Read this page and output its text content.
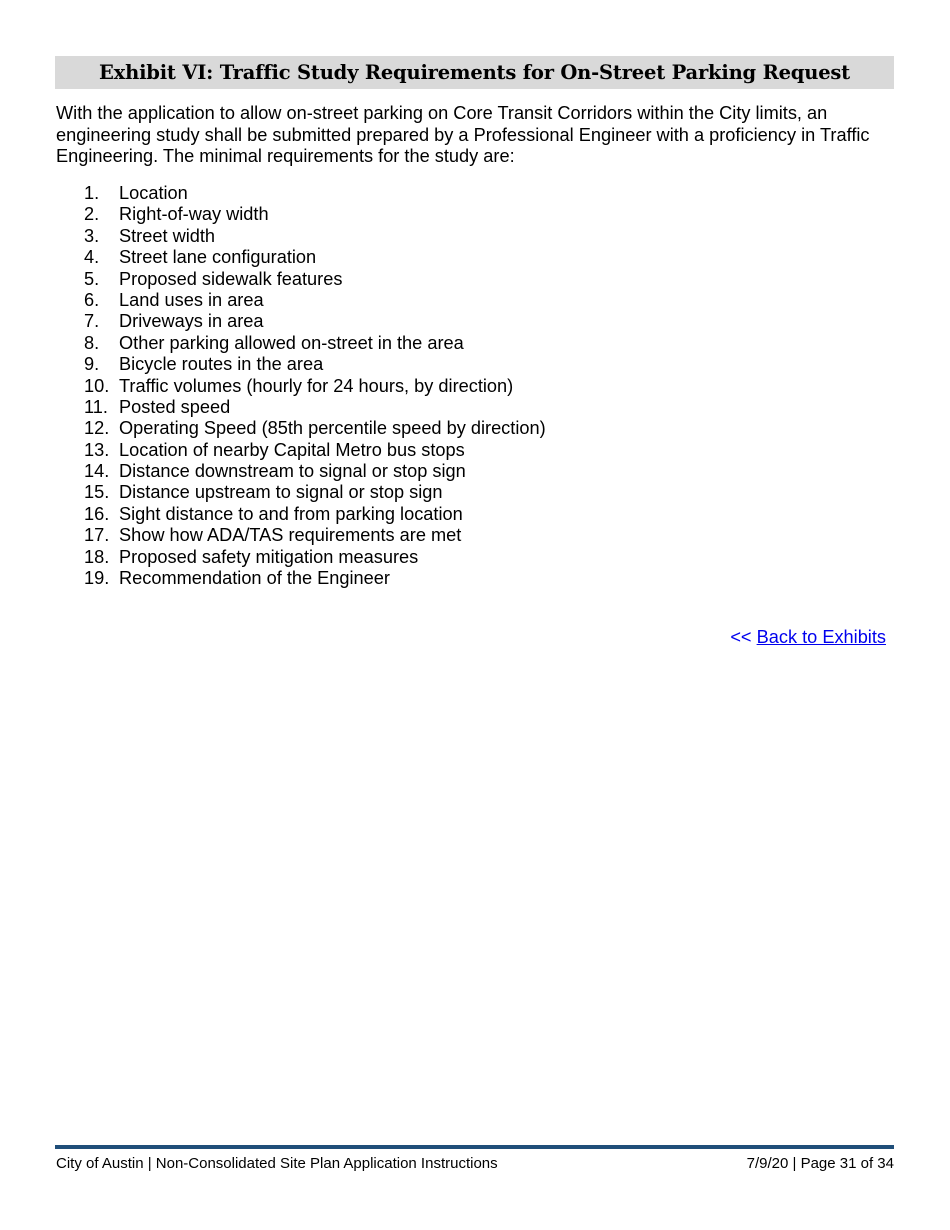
Exhibit VI: Traffic Study Requirements for On-Street Parking Request

With the application to allow on-street parking on Core Transit Corridors within the City limits, an engineering study shall be submitted prepared by a Professional Engineer with a proficiency in Traffic Engineering. The minimal requirements for the study are:

1.	Location
2.	Right-of-way width
3.	Street width
4.	Street lane configuration
5.	Proposed sidewalk features
6.	Land uses in area
7.	Driveways in area
8.	Other parking allowed on-street in the area
9.	Bicycle routes in the area
10. Traffic volumes (hourly for 24 hours, by direction)
11. Posted speed
12. Operating Speed (85th percentile speed by direction)
13. Location of nearby Capital Metro bus stops
14. Distance downstream to signal or stop sign
15. Distance upstream to signal or stop sign
16. Sight distance to and from parking location
17. Show how ADA/TAS requirements are met
18. Proposed safety mitigation measures
19. Recommendation of the Engineer
<< Back to Exhibits
City of Austin | Non-Consolidated Site Plan Application Instructions	7/9/20 | Page 31 of 34
